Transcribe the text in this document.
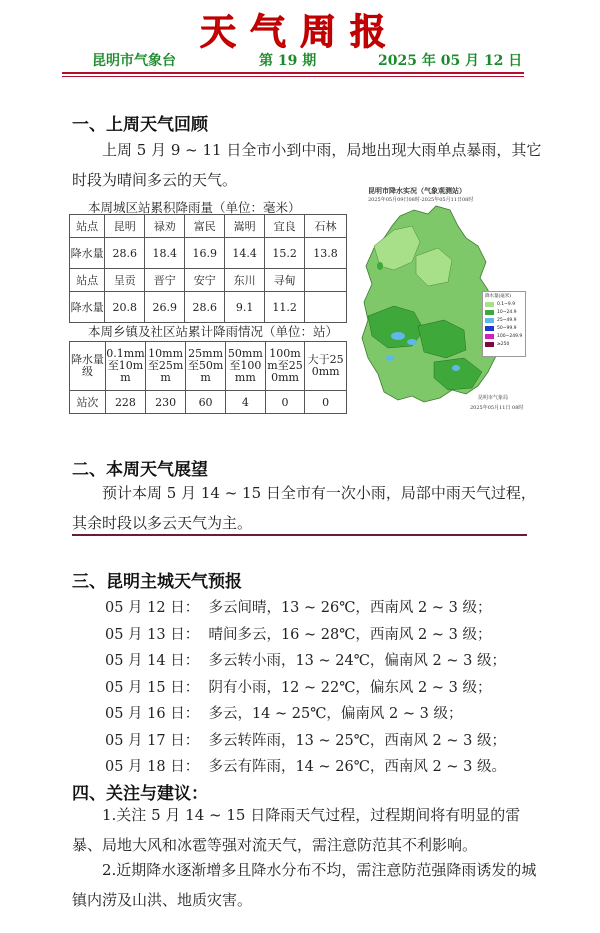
天气周报
昆明市气象台	第 19 期	2025 年 05 月 12 日
一、上周天气回顾
上周 5 月 9 ~ 11 日全市小到中雨，局地出现大雨单点暴雨，其它时段为晴间多云的天气。
本周城区站累积降雨量（单位：毫米）
站点	昆明	禄劝	富民	嵩明	宜良	石林
降水量	28.6	18.4	16.9	14.4	15.2	13.8
站点	呈贡	晋宁	安宁	东川	寻甸	
降水量	20.8	26.9	28.6	9.1	11.2	
本周乡镇及社区站累计降雨情况（单位：站）
降水量级	0.1mm至10mm	10mm至25mm	25mm至50mm	50mm至100mm	100mm至250mm	大于250mm
站次	228	230	60	4	0	0
昆明市降水实况（气象观测站）
2025年05月09日08时-2025年05月11日08时
降水量(毫米)
0.1~9.9
10~24.9
25~49.9
50~99.9
100~249.9
≥250
昆明市气象局
2025年05月11日 08时
二、本周天气展望
预计本周 5 月 14 ~ 15 日全市有一次小雨，局部中雨天气过程，其余时段以多云天气为主。
三、昆明主城天气预报
05 月 12 日：  多云间晴，13 ~ 26℃，西南风 2 ~ 3 级；
05 月 13 日：  晴间多云，16 ~ 28℃，西南风 2 ~ 3 级；
05 月 14 日：  多云转小雨，13 ~ 24℃，偏南风 2 ~ 3 级；
05 月 15 日：  阴有小雨，12 ~ 22℃，偏东风 2 ~ 3 级；
05 月 16 日：  多云，14 ~ 25℃，偏南风 2 ~ 3 级；
05 月 17 日：  多云转阵雨，13 ~ 25℃，西南风 2 ~ 3 级；
05 月 18 日：  多云有阵雨，14 ~ 26℃，西南风 2 ~ 3 级。
四、关注与建议：
1.关注 5 月 14 ~ 15 日降雨天气过程，过程期间将有明显的雷暴、局地大风和冰雹等强对流天气，需注意防范其不利影响。
2.近期降水逐渐增多且降水分布不均，需注意防范强降雨诱发的城镇内涝及山洪、地质灾害。
